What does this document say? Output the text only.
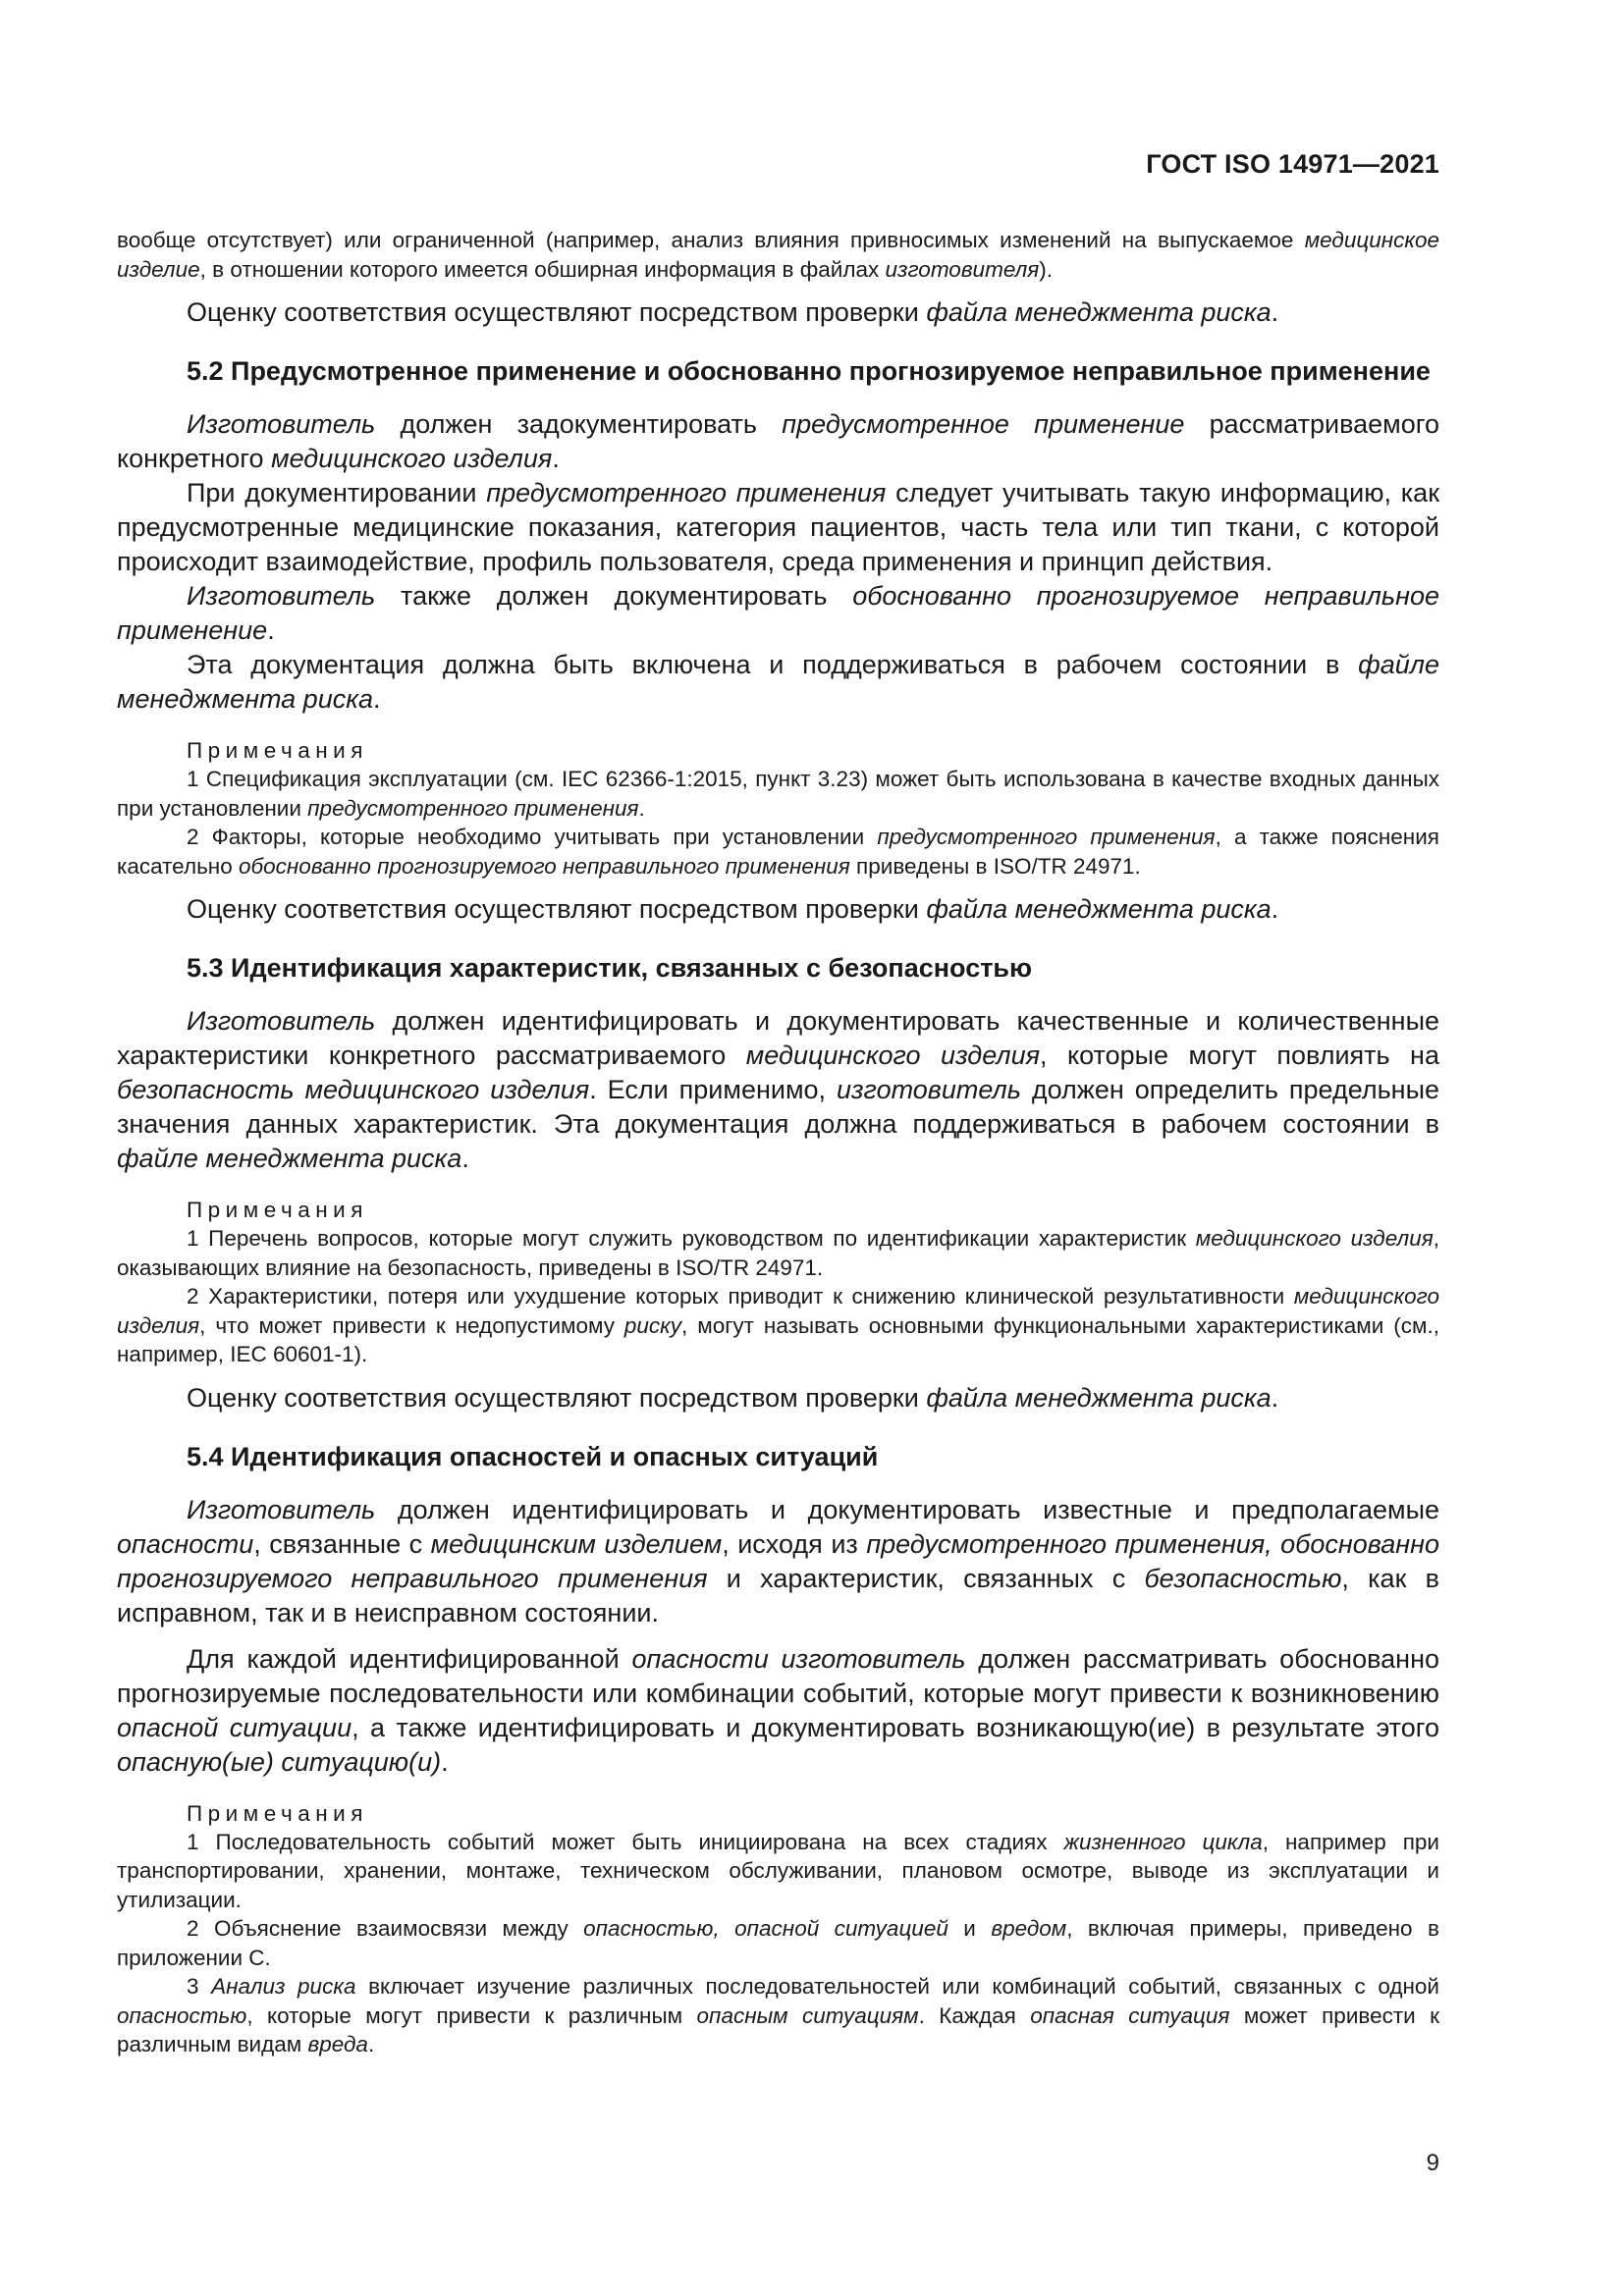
ГОСТ ISO 14971—2021

вообще отсутствует) или ограниченной (например, анализ влияния привносимых изменений на выпускаемое медицинское изделие, в отношении которого имеется обширная информация в файлах изготовителя).

Оценку соответствия осуществляют посредством проверки файла менеджмента риска.

5.2 Предусмотренное применение и обоснованно прогнозируемое неправильное применение

Изготовитель должен задокументировать предусмотренное применение рассматриваемого конкретного медицинского изделия.

При документировании предусмотренного применения следует учитывать такую информацию, как предусмотренные медицинские показания, категория пациентов, часть тела или тип ткани, с которой происходит взаимодействие, профиль пользователя, среда применения и принцип действия.

Изготовитель также должен документировать обоснованно прогнозируемое неправильное применение.

Эта документация должна быть включена и поддерживаться в рабочем состоянии в файле менеджмента риска.

Примечания

1 Спецификация эксплуатации (см. IEC 62366-1:2015, пункт 3.23) может быть использована в качестве входных данных при установлении предусмотренного применения.

2 Факторы, которые необходимо учитывать при установлении предусмотренного применения, а также пояснения касательно обоснованно прогнозируемого неправильного применения приведены в ISO/TR 24971.

Оценку соответствия осуществляют посредством проверки файла менеджмента риска.

5.3 Идентификация характеристик, связанных с безопасностью

Изготовитель должен идентифицировать и документировать качественные и количественные характеристики конкретного рассматриваемого медицинского изделия, которые могут повлиять на безопасность медицинского изделия. Если применимо, изготовитель должен определить предельные значения данных характеристик. Эта документация должна поддерживаться в рабочем состоянии в файле менеджмента риска.

Примечания

1 Перечень вопросов, которые могут служить руководством по идентификации характеристик медицинского изделия, оказывающих влияние на безопасность, приведены в ISO/TR 24971.

2 Характеристики, потеря или ухудшение которых приводит к снижению клинической результативности медицинского изделия, что может привести к недопустимому риску, могут называть основными функциональными характеристиками (см., например, IEC 60601-1).

Оценку соответствия осуществляют посредством проверки файла менеджмента риска.

5.4 Идентификация опасностей и опасных ситуаций

Изготовитель должен идентифицировать и документировать известные и предполагаемые опасности, связанные с медицинским изделием, исходя из предусмотренного применения, обоснованно прогнозируемого неправильного применения и характеристик, связанных с безопасностью, как в исправном, так и в неисправном состоянии.

Для каждой идентифицированной опасности изготовитель должен рассматривать обоснованно прогнозируемые последовательности или комбинации событий, которые могут привести к возникновению опасной ситуации, а также идентифицировать и документировать возникающую(ие) в результате этого опасную(ые) ситуацию(и).

Примечания

1 Последовательность событий может быть инициирована на всех стадиях жизненного цикла, например при транспортировании, хранении, монтаже, техническом обслуживании, плановом осмотре, выводе из эксплуатации и утилизации.

2 Объяснение взаимосвязи между опасностью, опасной ситуацией и вредом, включая примеры, приведено в приложении С.

3 Анализ риска включает изучение различных последовательностей или комбинаций событий, связанных с одной опасностью, которые могут привести к различным опасным ситуациям. Каждая опасная ситуация может привести к различным видам вреда.

9
